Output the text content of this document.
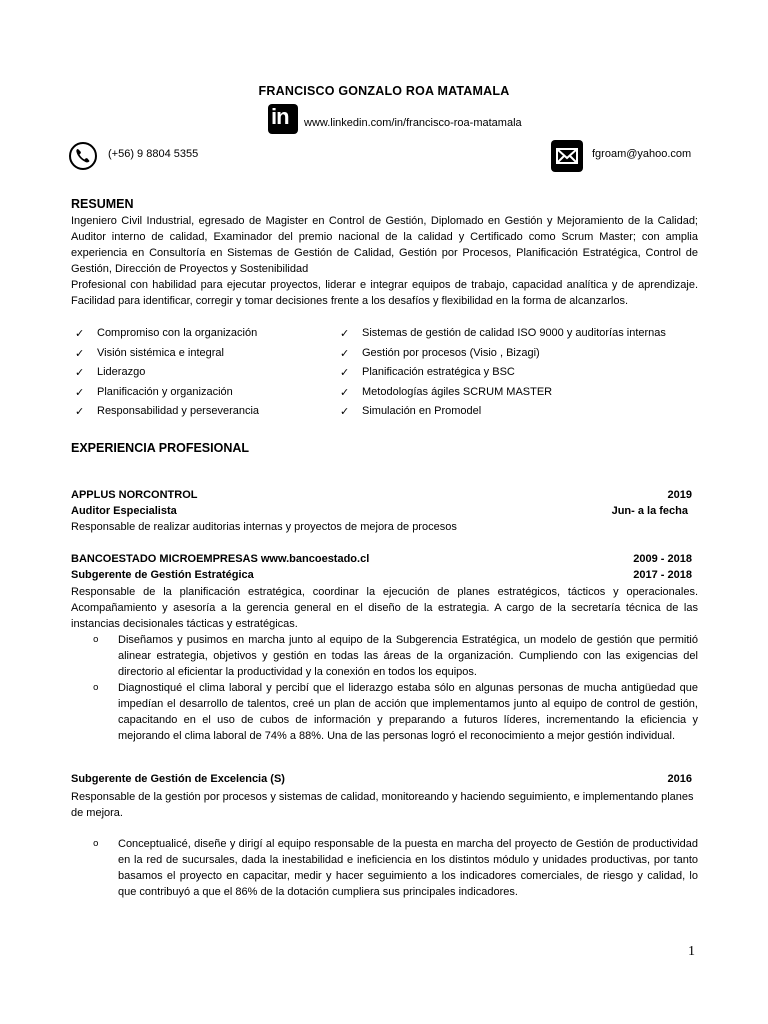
FRANCISCO GONZALO ROA MATAMALA
in www.linkedin.com/in/francisco-roa-matamala
(+56) 9 8804 5355	fgroam@yahoo.com
RESUMEN

Ingeniero Civil Industrial, egresado de Magister en Control de Gestión, Diplomado en Gestión y Mejoramiento de la Calidad; Auditor interno de calidad, Examinador del premio nacional de la calidad y Certificado como Scrum Master; con amplia experiencia en Consultoría en Sistemas de Gestión de Calidad, Gestión por Procesos, Planificación Estratégica, Control de Gestión, Dirección de Proyectos y Sostenibilidad

Profesional con habilidad para ejecutar proyectos, liderar e integrar equipos de trabajo, capacidad analítica y de aprendizaje. Facilidad para identificar, corregir y tomar decisiones frente a los desafíos y flexibilidad en la forma de alcanzarlos.

✓ Compromiso con la organización
✓ Visión sistémica e integral
✓ Liderazgo
✓ Planificación y organización
✓ Responsabilidad y perseverancia
✓ Sistemas de gestión de calidad ISO 9000 y auditorías internas
✓ Gestión por procesos (Visio , Bizagi)
✓ Planificación estratégica y BSC
✓ Metodologías ágiles SCRUM MASTER
✓ Simulación en Promodel
EXPERIENCIA PROFESIONAL
APPLUS NORCONTROL	2019
Auditor Especialista	Jun- a la fecha
Responsable de realizar auditorias internas y proyectos de mejora de procesos
BANCOESTADO MICROEMPRESAS www.bancoestado.cl	2009 - 2018
Subgerente de Gestión Estratégica	2017 - 2018
Responsable de la planificación estratégica, coordinar la ejecución de planes estratégicos, tácticos y operacionales. Acompañamiento y asesoría a la gerencia general en el diseño de la estrategia. A cargo de la secretaría técnica de las instancias decisionales tácticas y estratégicas.
o Diseñamos y pusimos en marcha junto al equipo de la Subgerencia Estratégica, un modelo de gestión que permitió alinear estrategia, objetivos y gestión en todas las áreas de la organización. Cumpliendo con las exigencias del directorio al eficientar la productividad y la conexión en todos los equipos.
o Diagnostiqué el clima laboral y percibí que el liderazgo estaba sólo en algunas personas de mucha antigüedad que impedían el desarrollo de talentos, creé un plan de acción que implementamos junto al equipo de control de gestión, capacitando en el uso de cubos de información y preparando a futuros líderes, incrementando la eficiencia y mejorando el clima laboral de 74% a 88%. Una de las personas logró el reconocimiento a mejor gestión individual.
Subgerente de Gestión de Excelencia (S)	2016
Responsable de la gestión por procesos y sistemas de calidad, monitoreando y haciendo seguimiento, e implementando planes de mejora.
o Conceptualicé, diseñe y dirigí al equipo responsable de la puesta en marcha del proyecto de Gestión de productividad en la red de sucursales, dada la inestabilidad e ineficiencia en los distintos módulo y unidades productivas, por tanto basamos el proyecto en capacitar, medir y hacer seguimiento a los indicadores comerciales, de riesgo y calidad, lo que contribuyó a que el 86% de la dotación cumpliera sus principales indicadores.
1
